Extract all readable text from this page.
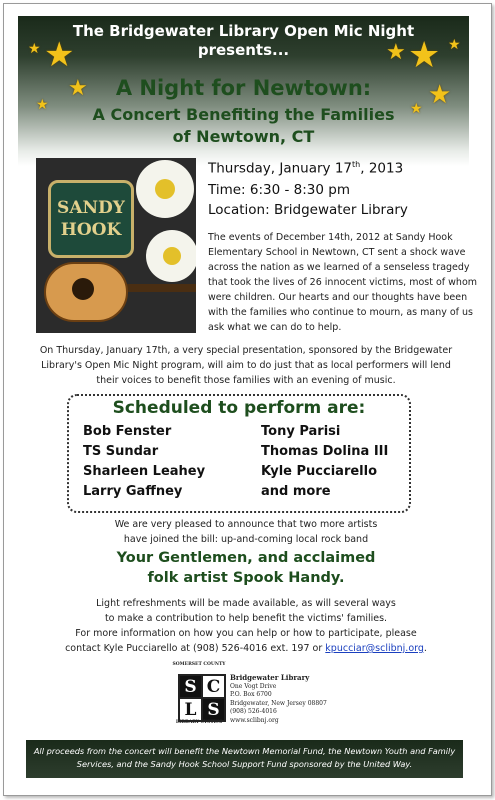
The Bridgewater Library Open Mic Night
presents...
A Night for Newtown:
A Concert Benefiting the Families
of Newtown, CT
★ ★
★
★
★ ★ ★
★
★
SANDY
HOOK
Thursday, January 17th, 2013
Time: 6:30 - 8:30 pm
Location: Bridgewater Library
The events of December 14th, 2012 at Sandy Hook Elementary School in Newtown, CT sent a shock wave across the nation as we learned of a senseless tragedy that took the lives of 26 innocent victims, most of whom were children. Our hearts and our thoughts have been with the families who continue to mourn, as many of us ask what we can do to help.
On Thursday, January 17th, a very special presentation, sponsored by the Bridgewater Library's Open Mic Night program, will aim to do just that as local performers will lend their voices to benefit those families with an evening of music.
Scheduled to perform are:
Bob Fenster
TS Sundar
Sharleen Leahey
Larry Gaffney
Tony Parisi
Thomas Dolina III
Kyle Pucciarello
and more
We are very pleased to announce that two more artists
have joined the bill: up-and-coming local rock band
Your Gentlemen, and acclaimed
folk artist Spook Handy.
Light refreshments will be made available, as will several ways
to make a contribution to help benefit the victims' families.
For more information on how you can help or how to participate, please
contact Kyle Pucciarello at (908) 526-4016 ext. 197 or kpucciar@sclibnj.org.
SOMERSET COUNTY
S C
L S
LIBRARY SYSTEM
Bridgewater Library
One Vogt Drive
P.O. Box 6700
Bridgewater, New Jersey 08807
(908) 526-4016
www.sclibnj.org
All proceeds from the concert will benefit the Newtown Memorial Fund, the Newtown Youth and Family Services, and the Sandy Hook School Support Fund sponsored by the United Way.
